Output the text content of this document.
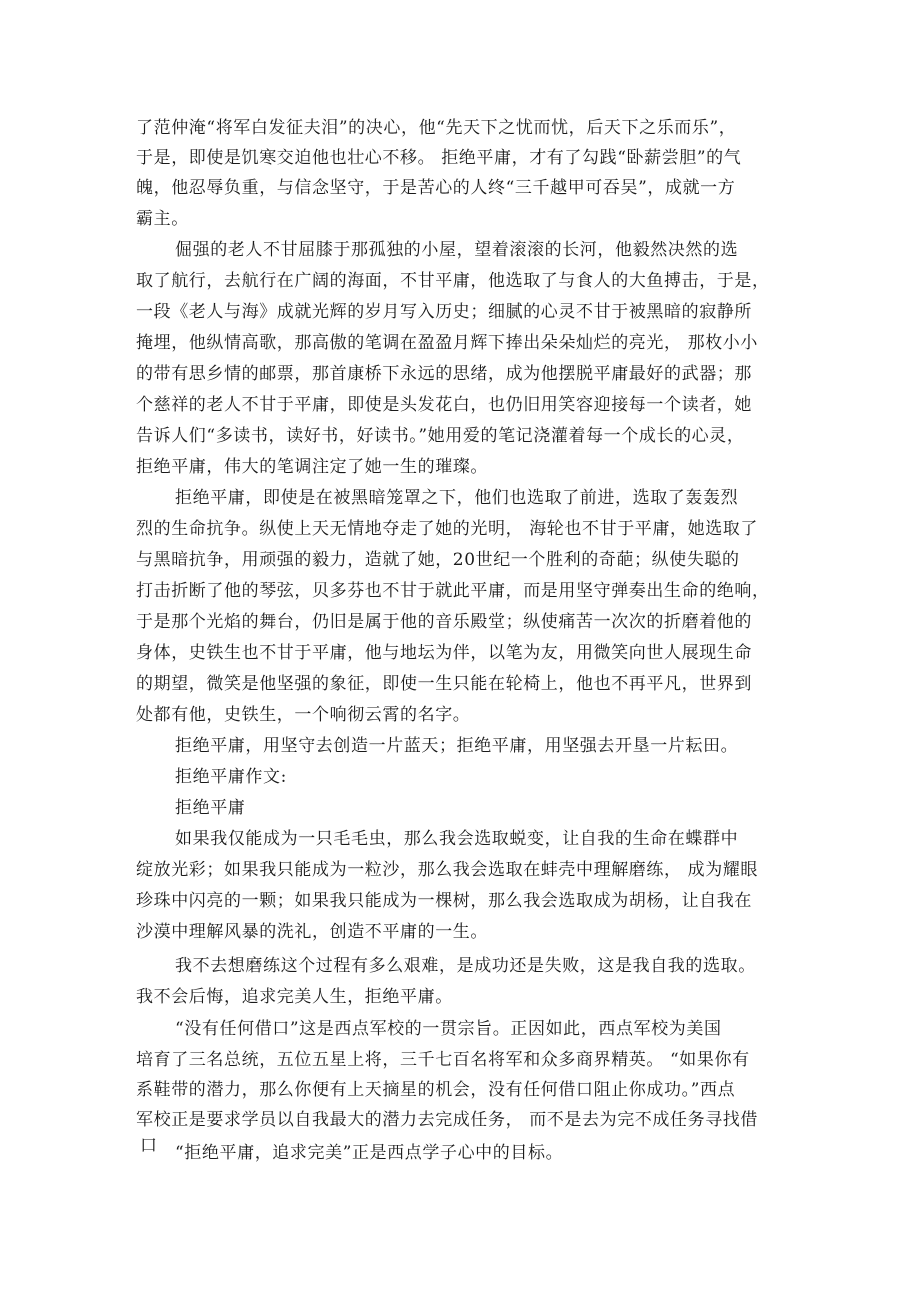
了范仲淹“将军白发征夫泪”的决心，他“先天下之忧而忧，后天下之乐而乐”，
于是，即使是饥寒交迫他也壮心不移。 拒绝平庸，才有了勾践“卧薪尝胆”的气
魄，他忍辱负重，与信念坚守，于是苦心的人终“三千越甲可吞吴”，成就一方
霸主。
倔强的老人不甘屈膝于那孤独的小屋，望着滚滚的长河，他毅然决然的选
取了航行，去航行在广阔的海面，不甘平庸，他选取了与食人的大鱼搏击，于是，
一段《老人与海》成就光辉的岁月写入历史；细腻的心灵不甘于被黑暗的寂静所
掩埋，他纵情高歌，那高傲的笔调在盈盈月辉下捧出朵朵灿烂的亮光， 那枚小小
的带有思乡情的邮票，那首康桥下永远的思绪，成为他摆脱平庸最好的武器；那
个慈祥的老人不甘于平庸，即使是头发花白，也仍旧用笑容迎接每一个读者，她
告诉人们“多读书，读好书，好读书。”她用爱的笔记浇灌着每一个成长的心灵，
拒绝平庸，伟大的笔调注定了她一生的璀璨。
拒绝平庸，即使是在被黑暗笼罩之下，他们也选取了前进，选取了轰轰烈
烈的生命抗争。纵使上天无情地夺走了她的光明， 海轮也不甘于平庸，她选取了
与黑暗抗争，用顽强的毅力，造就了她，20世纪一个胜利的奇葩；纵使失聪的
打击折断了他的琴弦，贝多芬也不甘于就此平庸，而是用坚守弹奏出生命的绝响，
于是那个光焰的舞台，仍旧是属于他的音乐殿堂；纵使痛苦一次次的折磨着他的
身体，史铁生也不甘于平庸，他与地坛为伴，以笔为友，用微笑向世人展现生命
的期望，微笑是他坚强的象征，即使一生只能在轮椅上，他也不再平凡，世界到
处都有他，史铁生，一个响彻云霄的名字。
拒绝平庸，用坚守去创造一片蓝天；拒绝平庸，用坚强去开垦一片耘田。
拒绝平庸作文:
拒绝平庸
如果我仅能成为一只毛毛虫，那么我会选取蜕变，让自我的生命在蝶群中
绽放光彩；如果我只能成为一粒沙，那么我会选取在蚌壳中理解磨练， 成为耀眼
珍珠中闪亮的一颗；如果我只能成为一棵树，那么我会选取成为胡杨，让自我在
沙漠中理解风暴的洗礼，创造不平庸的一生。
我不去想磨练这个过程有多么艰难，是成功还是失败，这是我自我的选取。
我不会后悔，追求完美人生，拒绝平庸。
“没有任何借口”这是西点军校的一贯宗旨。正因如此，西点军校为美国
培育了三名总统，五位五星上将，三千七百名将军和众多商界精英。 “如果你有
系鞋带的潜力，那么你便有上天摘星的机会，没有任何借口阻止你成功。”西点
军校正是要求学员以自我最大的潜力去完成任务， 而不是去为完不成任务寻找借
口 “拒绝平庸，追求完美”正是西点学子心中的目标。
